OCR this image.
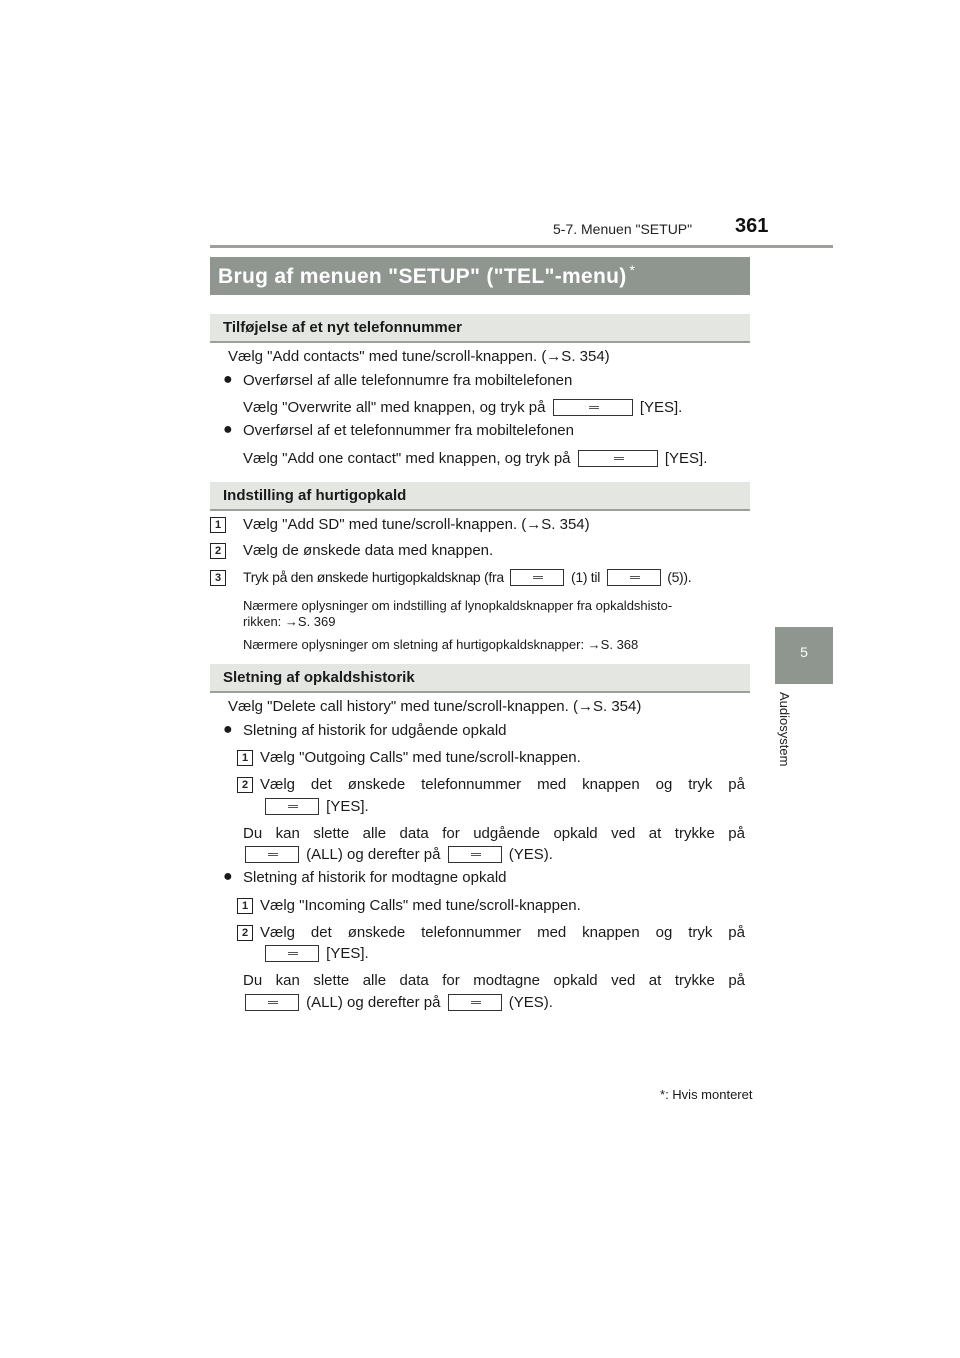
5-7. Menuen "SETUP" 361
5
Audiosystem
Brug af menuen "SETUP" ("TEL"-menu) *
Tilføjelse af et nyt telefonnummer
Vælg "Add contacts" med tune/scroll-knappen. (→S. 354)
● Overførsel af alle telefonnumre fra mobiltelefonen
Vælg "Overwrite all" med knappen, og tryk på	[YES].
● Overførsel af et telefonnummer fra mobiltelefonen
Vælg "Add one contact" med knappen, og tryk på	[YES].
Indstilling af hurtigopkald
1	Vælg "Add SD" med tune/scroll-knappen. (→S. 354)
2	Vælg de ønskede data med knappen.
3	Tryk på den ønskede hurtigopkaldsknap (fra	(1) til	(5)).
Nærmere oplysninger om indstilling af lynopkaldsknapper fra opkaldshisto-
rikken: →S. 369
Nærmere oplysninger om sletning af hurtigopkaldsknapper: →S. 368
Sletning af opkaldshistorik
Vælg "Delete call history" med tune/scroll-knappen. (→S. 354)
● Sletning af historik for udgående opkald
1 Vælg "Outgoing Calls" med tune/scroll-knappen.
2 Vælg det ønskede telefonnummer med knappen og tryk på
[YES].
Du kan slette alle data for udgående opkald ved at trykke på
(ALL) og derefter på	(YES).
● Sletning af historik for modtagne opkald
1 Vælg "Incoming Calls" med tune/scroll-knappen.
2 Vælg det ønskede telefonnummer med knappen og tryk på
[YES].
Du kan slette alle data for modtagne opkald ved at trykke på
(ALL) og derefter på	(YES).
*: Hvis monteret
